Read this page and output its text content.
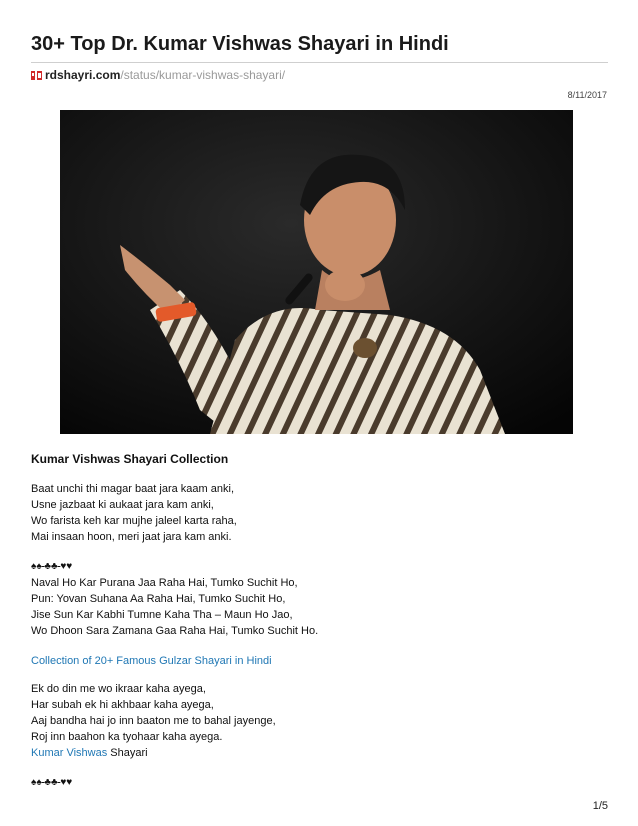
30+ Top Dr. Kumar Vishwas Shayari in Hindi
rdshayri.com/status/kumar-vishwas-shayari/
8/11/2017
Kumar Vishwas Shayari Collection

Baat unchi thi magar baat jara kaam anki,

Usne jazbaat ki aukaat jara kam anki,

Wo farista keh kar mujhe jaleel karta raha,

Mai insaan hoon, meri jaat jara kam anki.

♠♠ ♣♣ ♥♥

Naval Ho Kar Purana Jaa Raha Hai, Tumko Suchit Ho,

Pun: Yovan Suhana Aa Raha Hai, Tumko Suchit Ho,

Jise Sun Kar Kabhi Tumne Kaha Tha – Maun Ho Jao,

Wo Dhoon Sara Zamana Gaa Raha Hai, Tumko Suchit Ho.

Collection of 20+ Famous Gulzar Shayari in Hindi

Ek do din me wo ikraar kaha ayega,

Har subah ek hi akhbaar kaha ayega,

Aaj bandha hai jo inn baaton me to bahal jayenge,

Roj inn baahon ka tyohaar kaha ayega.

Kumar Vishwas Shayari

♠♠ ♣♣ ♥♥

1/5
